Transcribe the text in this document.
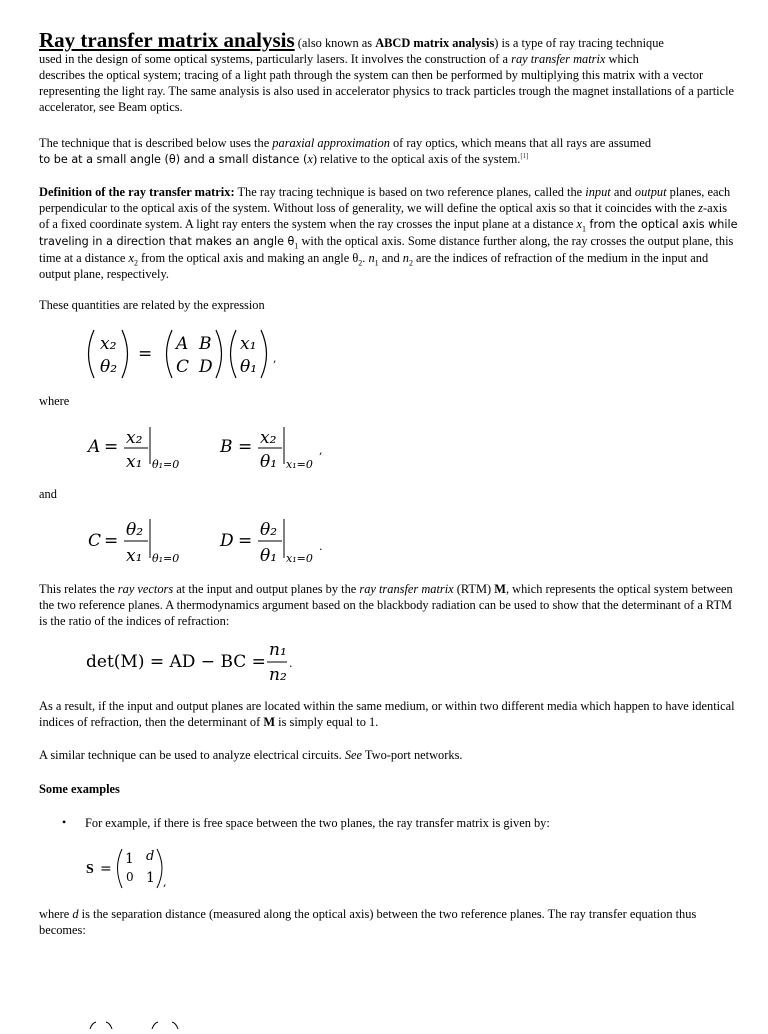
Ray transfer matrix analysis (also known as ABCD matrix analysis) is a type of ray tracing technique
used in the design of some optical systems, particularly lasers. It involves the construction of a ray transfer matrix which
describes the optical system; tracing of a light path through the system can then be performed by multiplying this matrix with a vector representing the light ray. The same analysis is also used in accelerator physics to track particles trough the magnet installations of a particle accelerator, see Beam optics.

The technique that is described below uses the paraxial approximation of ray optics, which means that all rays are assumed
to be at a small angle (θ) and a small distance (x) relative to the optical axis of the system.[1]

Definition of the ray transfer matrix: The ray tracing technique is based on two reference planes, called the input and output planes, each perpendicular to the optical axis of the system. Without loss of generality, we will define the optical axis so that it coincides with the z-axis of a fixed coordinate system. A light ray enters the system when the ray crosses the input plane at a distance $x_1$ from the optical axis while traveling in a direction that makes an angle $\theta_1$ with the optical axis. Some distance further along, the ray crosses the output plane, this time at a distance $x_2$ from the optical axis and making an angle $\theta_2$. $n_1$ and $n_2$ are the indices of refraction of the medium in the input and output plane, respectively.

These quantities are related by the expression

x₂
θ₂
= A B
C D
x₁
θ₁ ,

where

A = x₂
x₁ θ₁=0
B = x₂
θ₁ x₁=0
,

and

C =
θ₂
x₁ θ₁=0
D =
θ₂
θ₁ x₁=0
.

This relates the ray vectors at the input and output planes by the ray transfer matrix (RTM) M, which represents the optical system between the two reference planes. A thermodynamics argument based on the blackbody radiation can be used to show that the determinant of a RTM is the ratio of the indices of refraction:

det(M) = AD − BC =
n₁
n₂
.

As a result, if the input and output planes are located within the same medium, or within two different media which happen to have identical indices of refraction, then the determinant of M is simply equal to 1.

A similar technique can be used to analyze electrical circuits. See Two-port networks.

Some examples

• For example, if there is free space between the two planes, the ray transfer matrix is given by:

S =
1 d
0 1 ,

where d is the separation distance (measured along the optical axis) between the two reference planes. The ray transfer equation thus becomes:
